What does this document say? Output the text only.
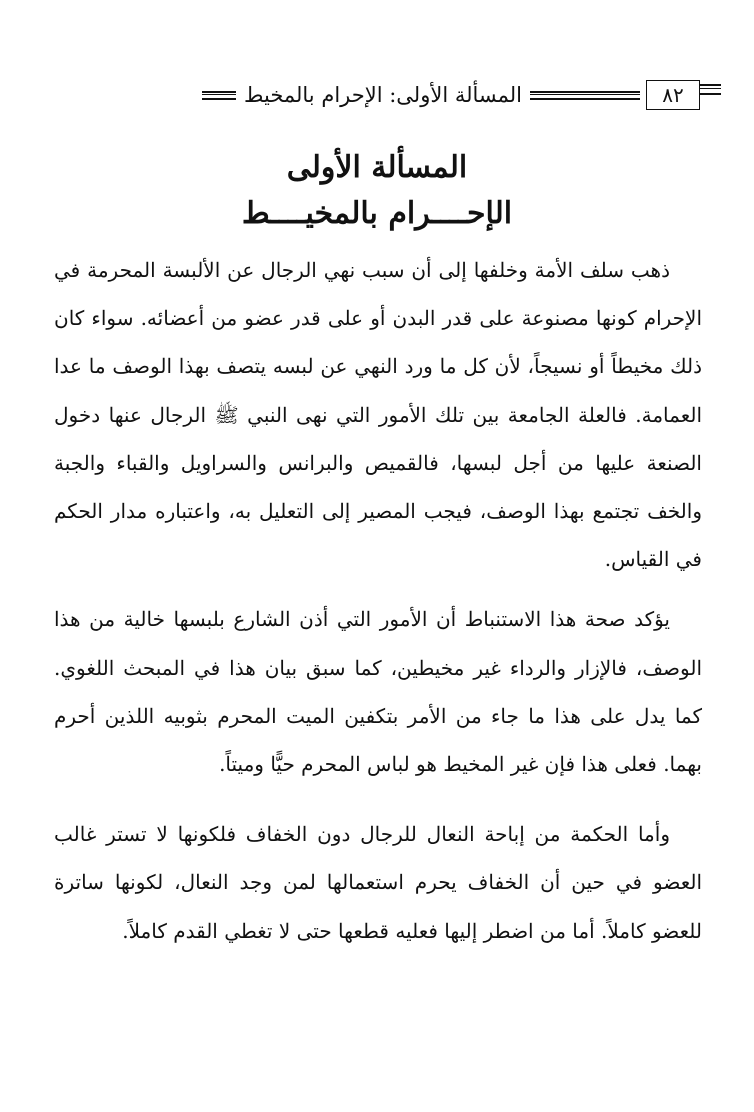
٨٢
المسألة الأولى: الإحرام بالمخيط
المسألة الأولى
الإحــــرام بالمخيــــط

ذهب سلف الأمة وخلفها إلى أن سبب نهي الرجال عن الألبسة المحرمة في الإحرام كونها مصنوعة على قدر البدن أو على قدر عضو من أعضائه. سواء كان ذلك مخيطاً أو نسيجاً، لأن كل ما ورد النهي عن لبسه يتصف بهذا الوصف ما عدا العمامة. فالعلة الجامعة بين تلك الأمور التي نهى النبي ﷺ الرجال عنها دخول الصنعة عليها من أجل لبسها، فالقميص والبرانس والسراويل والقباء والجبة والخف تجتمع بهذا الوصف، فيجب المصير إلى التعليل به، واعتباره مدار الحكم في القياس.

يؤكد صحة هذا الاستنباط أن الأمور التي أذن الشارع بلبسها خالية من هذا الوصف، فالإزار والرداء غير مخيطين، كما سبق بيان هذا في المبحث اللغوي. كما يدل على هذا ما جاء من الأمر بتكفين الميت المحرم بثوبيه اللذين أحرم بهما. فعلى هذا فإن غير المخيط هو لباس المحرم حيًّا وميتاً.

وأما الحكمة من إباحة النعال للرجال دون الخفاف فلكونها لا تستر غالب العضو في حين أن الخفاف يحرم استعمالها لمن وجد النعال، لكونها ساترة للعضو كاملاً. أما من اضطر إليها فعليه قطعها حتى لا تغطي القدم كاملاً.
